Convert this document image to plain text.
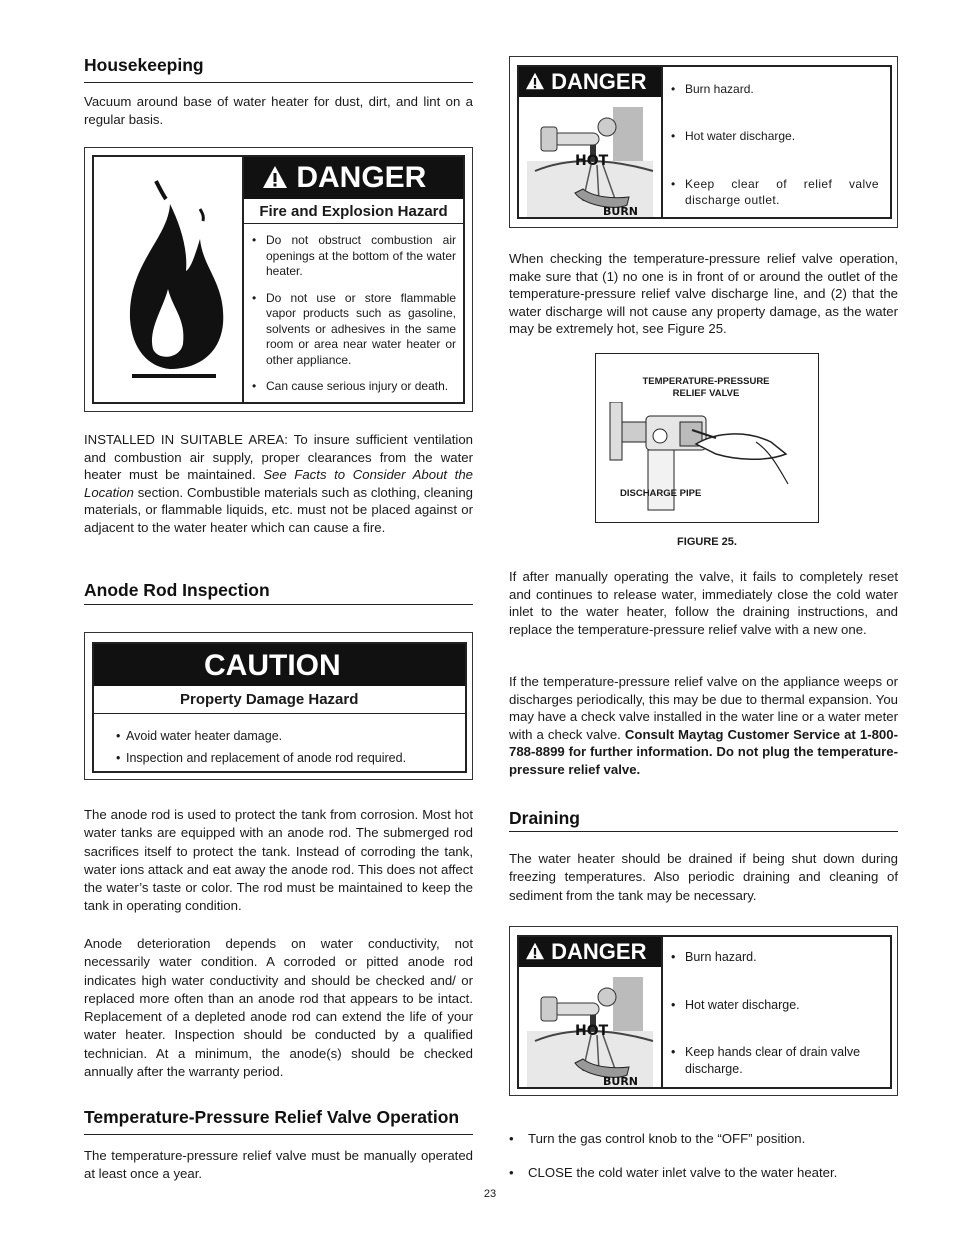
Housekeeping

Vacuum around base of water heater for dust, dirt, and lint on a regular basis.

DANGER
Fire and Explosion Hazard
• Do not obstruct combustion air openings at the bottom of the water heater.
• Do not use or store flammable vapor products such as gasoline, solvents or adhesives in the same room or area near water heater or other appliance.
• Can cause serious injury or death.

INSTALLED IN SUITABLE AREA: To insure sufficient ventilation and combustion air supply, proper clearances from the water heater must be maintained. See Facts to Consider About the Location section. Combustible materials such as clothing, cleaning materials, or flammable liquids, etc. must not be placed against or adjacent to the water heater which can cause a fire.

Anode Rod Inspection
CAUTION
Property Damage Hazard
• Avoid water heater damage.
• Inspection and replacement of anode rod required.

The anode rod is used to protect the tank from corrosion. Most hot water tanks are equipped with an anode rod. The submerged rod sacrifices itself to protect the tank. Instead of corroding the tank, water ions attack and eat away the anode rod. This does not affect the water’s taste or color. The rod must be maintained to keep the tank in operating condition.

Anode deterioration depends on water conductivity, not necessarily water condition. A corroded or pitted anode rod indicates high water conductivity and should be checked and/ or replaced more often than an anode rod that appears to be intact. Replacement of a depleted anode rod can extend the life of your water heater. Inspection should be conducted by a qualified technician. At a minimum, the anode(s) should be checked annually after the warranty period.

Temperature-Pressure Relief Valve Operation

The temperature-pressure relief valve must be manually operated at least once a year.

DANGER
HOT
BURN
• Burn hazard.
• Hot water discharge.
• Keep clear of relief valve discharge outlet.

When checking the temperature-pressure relief valve operation, make sure that (1) no one is in front of or around the outlet of the temperature-pressure relief valve discharge line, and (2) that the water discharge will not cause any property damage, as the water may be extremely hot, see Figure 25.

TEMPERATURE-PRESSURE
RELIEF VALVE
DISCHARGE PIPE
FIGURE 25.

If after manually operating the valve, it fails to completely reset and continues to release water, immediately close the cold water inlet to the water heater, follow the draining instructions, and replace the temperature-pressure relief valve with a new one.

If the temperature-pressure relief valve on the appliance weeps or discharges periodically, this may be due to thermal expansion. You may have a check valve installed in the water line or a water meter with a check valve. Consult Maytag Customer Service at 1-800-788-8899 for further information. Do not plug the temperature-pressure relief valve.

Draining

The water heater should be drained if being shut down during freezing temperatures. Also periodic draining and cleaning of sediment from the tank may be necessary.

DANGER
HOT
BURN
• Burn hazard.
• Hot water discharge.
• Keep hands clear of drain valve discharge.
• Turn the gas control knob to the “OFF” position.
• CLOSE the cold water inlet valve to the water heater.
23
